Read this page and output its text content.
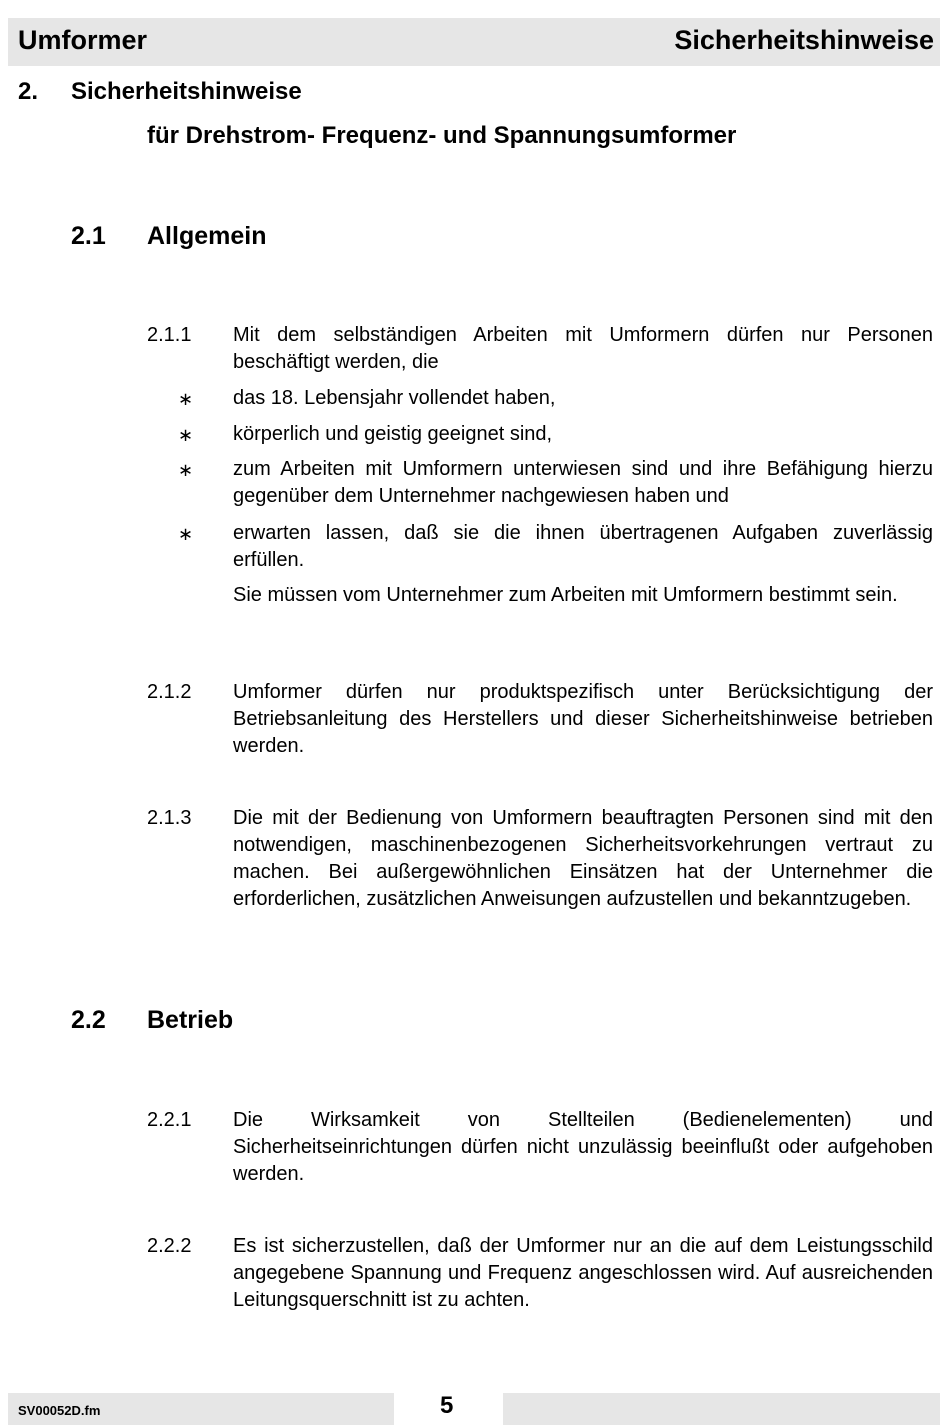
Umformer	Sicherheitshinweise
2. Sicherheitshinweise
für Drehstrom- Frequenz- und Spannungsumformer
2.1 Allgemein
2.1.1 Mit dem selbständigen Arbeiten mit Umformern dürfen nur Personen beschäftigt werden, die

∗ das 18. Lebensjahr vollendet haben,

∗ körperlich und geistig geeignet sind,

∗ zum Arbeiten mit Umformern unterwiesen sind und ihre Befähigung hierzu gegenüber dem Unternehmer nachgewiesen haben und

∗ erwarten lassen, daß sie die ihnen übertragenen Aufgaben zuverlässig erfüllen.

Sie müssen vom Unternehmer zum Arbeiten mit Umformern bestimmt sein.

2.1.2 Umformer dürfen nur produktspezifisch unter Berücksichtigung der Betriebsanleitung des Herstellers und dieser Sicherheitshinweise betrieben werden.

2.1.3 Die mit der Bedienung von Umformern beauftragten Personen sind mit den notwendigen, maschinenbezogenen Sicherheitsvorkehrungen vertraut zu machen. Bei außergewöhnlichen Einsätzen hat der Unternehmer die erforderlichen, zusätzlichen Anweisungen aufzustellen und bekanntzugeben.

2.2 Betrieb
2.2.1 Die Wirksamkeit von Stellteilen (Bedienelementen) und Sicherheitseinrichtungen dürfen nicht unzulässig beeinflußt oder aufgehoben werden.

2.2.2 Es ist sicherzustellen, daß der Umformer nur an die auf dem Leistungsschild angegebene Spannung und Frequenz angeschlossen wird. Auf ausreichenden Leitungsquerschnitt ist zu achten.

SV00052D.fm	5
